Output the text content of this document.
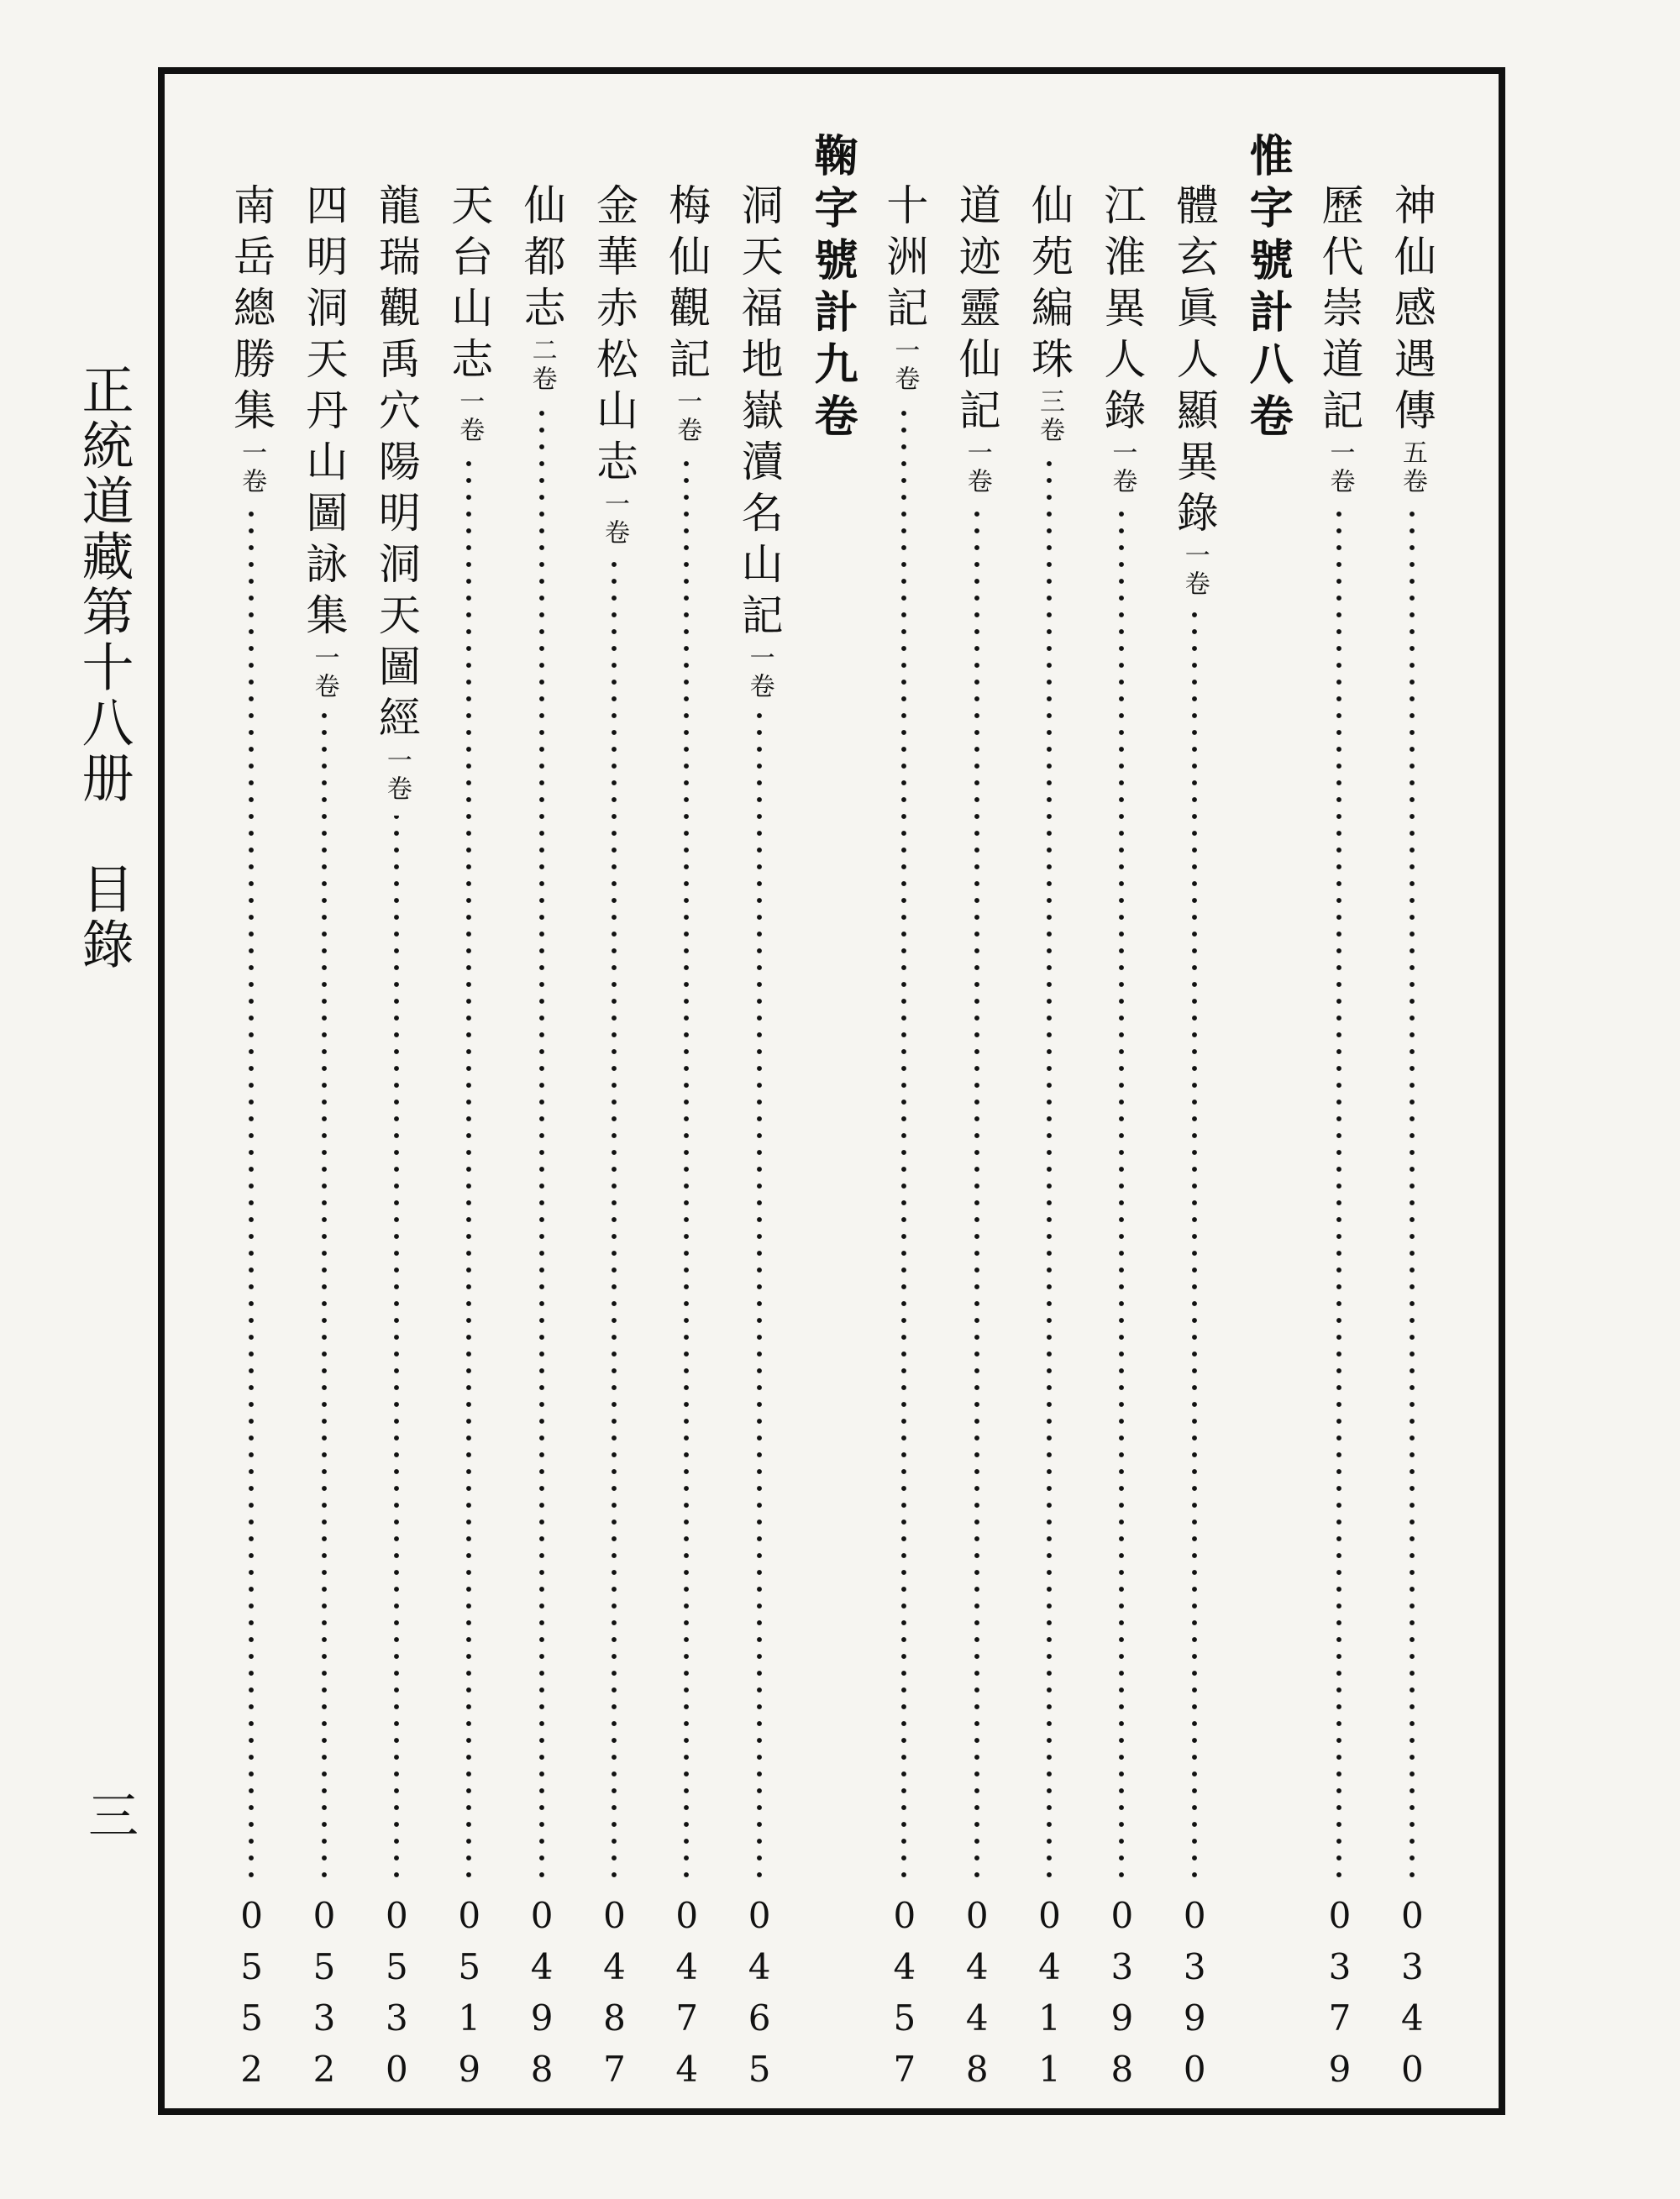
正統道藏第十八册　目錄
三
神仙感遇傳五卷
0340
歷代崇道記一卷
0379
惟字號計八卷
體玄眞人顯異錄一卷
0390
江淮異人錄一卷
0398
仙苑編珠三卷
0411
道迹靈仙記一卷
0448
十洲記一卷
0457
鞠字號計九卷
洞天福地嶽瀆名山記一卷
0465
梅仙觀記一卷
0474
金華赤松山志一卷
0487
仙都志二卷
0498
天台山志一卷
0519
龍瑞觀禹穴陽明洞天圖經一卷
0530
四明洞天丹山圖詠集一卷
0532
南岳總勝集一卷
0552
